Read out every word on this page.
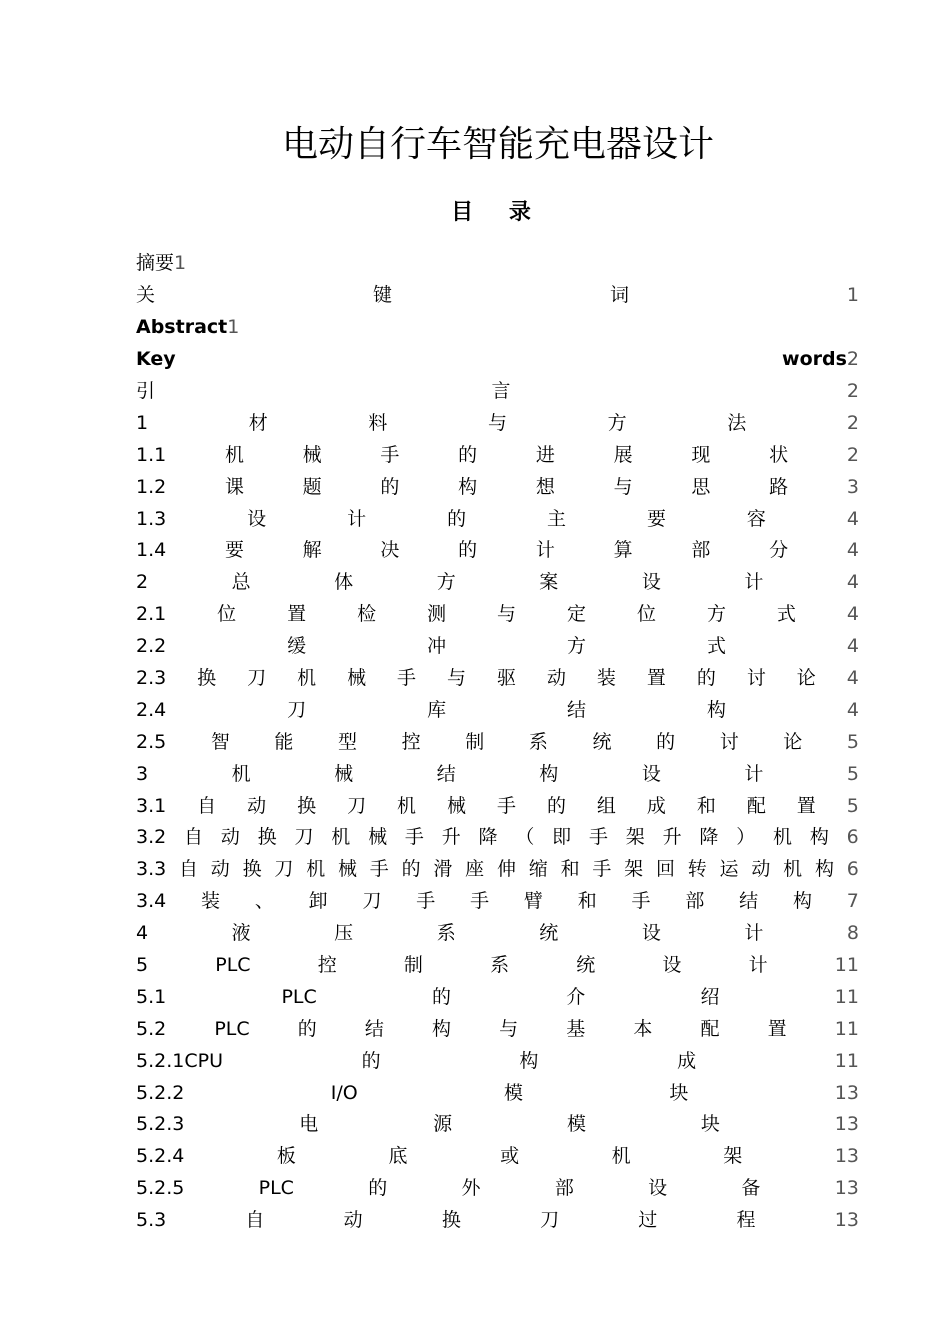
电动自行车智能充电器设计
目 录
摘要 1
关	键	词	1
Abstract 1
Key	words2
引	言	2
1	材	料	与	方	法	2
1.1	机	械	手	的	进	展	现	状	2
1.2	课	题	的	构	想	与	思	路	3
1.3	设	计	的	主	要	容	4
1.4	要	解	决	的	计	算	部	分	4
2	总	体	方	案	设	计	4
2.1	位	置	检	测	与	定	位	方	式	4
2.2	缓	冲	方	式	4
2.3 换 刀 机 械 手 与 驱 动 装 置 的 讨 论 4
2.4	刀	库	结	构	4
2.5 智 能 型 控 制 系 统 的 讨 论 5
3	机	械	结	构	设	计	5
3.1 自 动 换 刀 机 械 手 的 组 成 和 配 置 5
3.2 自 动 换 刀 机 械 手 升 降 （ 即 手 架 升 降 ） 机 构 6
3.3 自 动 换 刀 机 械 手 的 滑 座 伸 缩 和 手 架 回 转 运 动 机 构 6
3.4 装 、 卸 刀 手 手 臂 和 手 部 结 构 7
4	液	压	系	统	设	计	8
5	PLC	控	制	系	统	设	计	11
5.1	PLC	的	介	绍	11
5.2	PLC	的	结	构	与	基	本	配	置	11
5.2.1CPU	的	构	成	11
5.2.2	I/O	模	块	13
5.2.3	电	源	模	块	13
5.2.4	板	底	或	机	架	13
5.2.5	PLC	的	外	部	设	备	13
5.3	自	动	换	刀	过	程	13
